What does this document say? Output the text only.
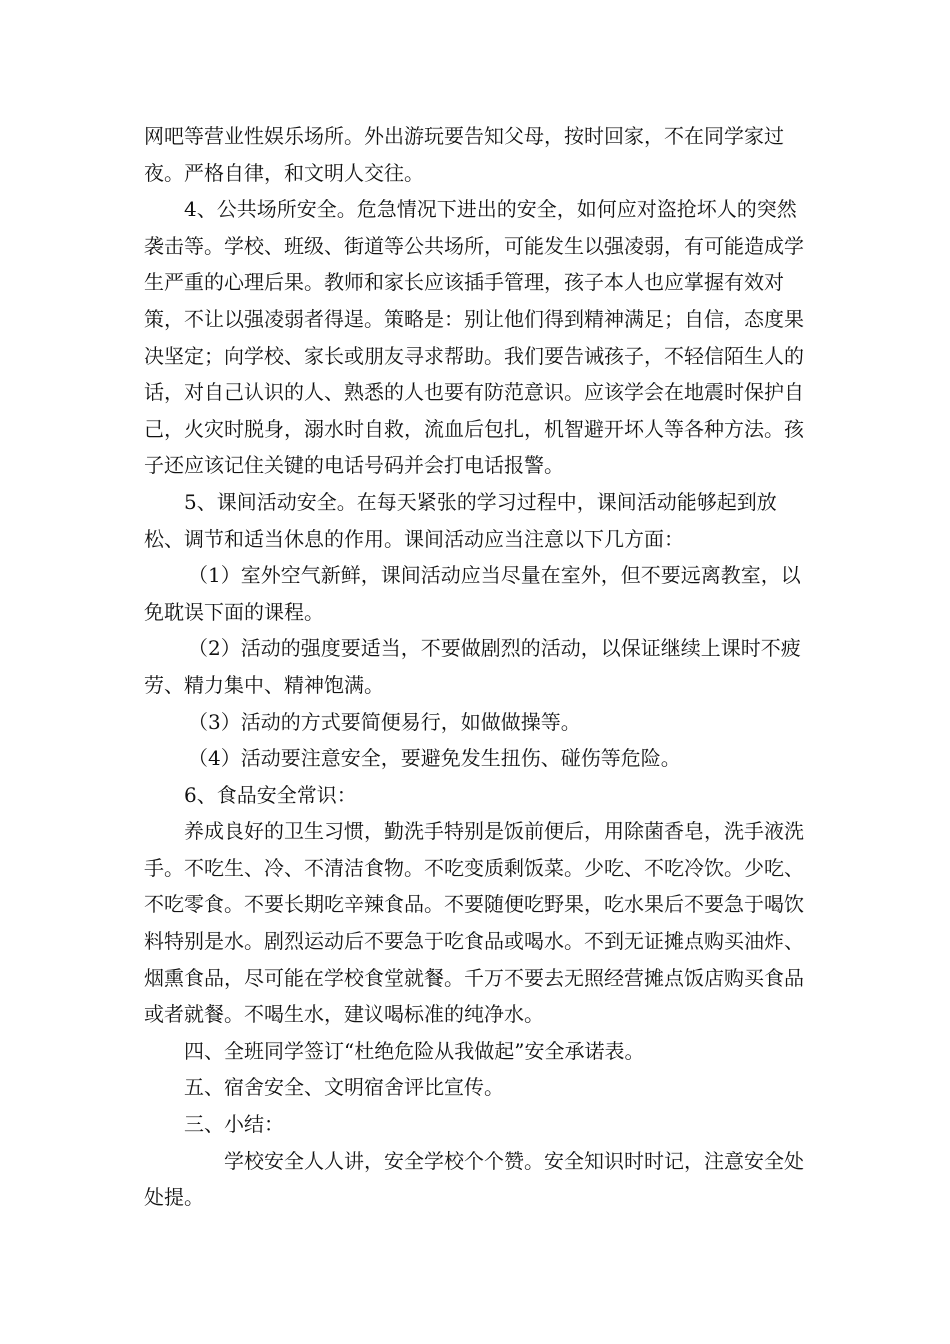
网吧等营业性娱乐场所。外出游玩要告知父母，按时回家，不在同学家过夜。严格自律，和文明人交往。

4、公共场所安全。危急情况下进出的安全，如何应对盗抢坏人的突然袭击等。学校、班级、街道等公共场所，可能发生以强凌弱，有可能造成学生严重的心理后果。教师和家长应该插手管理，孩子本人也应掌握有效对策，不让以强凌弱者得逞。策略是：别让他们得到精神满足；自信，态度果决坚定；向学校、家长或朋友寻求帮助。我们要告诫孩子，不轻信陌生人的话，对自己认识的人、熟悉的人也要有防范意识。应该学会在地震时保护自己，火灾时脱身，溺水时自救，流血后包扎，机智避开坏人等各种方法。孩子还应该记住关键的电话号码并会打电话报警。

5、课间活动安全。在每天紧张的学习过程中，课间活动能够起到放松、调节和适当休息的作用。课间活动应当注意以下几方面：

（1）室外空气新鲜，课间活动应当尽量在室外，但不要远离教室，以免耽误下面的课程。

（2）活动的强度要适当，不要做剧烈的活动，以保证继续上课时不疲劳、精力集中、精神饱满。

（3）活动的方式要简便易行，如做做操等。

（4）活动要注意安全，要避免发生扭伤、碰伤等危险。

6、食品安全常识：

养成良好的卫生习惯，勤洗手特别是饭前便后，用除菌香皂，洗手液洗手。不吃生、冷、不清洁食物。不吃变质剩饭菜。少吃、不吃冷饮。少吃、不吃零食。不要长期吃辛辣食品。不要随便吃野果，吃水果后不要急于喝饮料特别是水。剧烈运动后不要急于吃食品或喝水。不到无证摊点购买油炸、烟熏食品，尽可能在学校食堂就餐。千万不要去无照经营摊点饭店购买食品或者就餐。不喝生水，建议喝标准的纯净水。

四、全班同学签订“杜绝危险从我做起”安全承诺表。

五、宿舍安全、文明宿舍评比宣传。

三、小结：

学校安全人人讲，安全学校个个赞。安全知识时时记，注意安全处处提。
